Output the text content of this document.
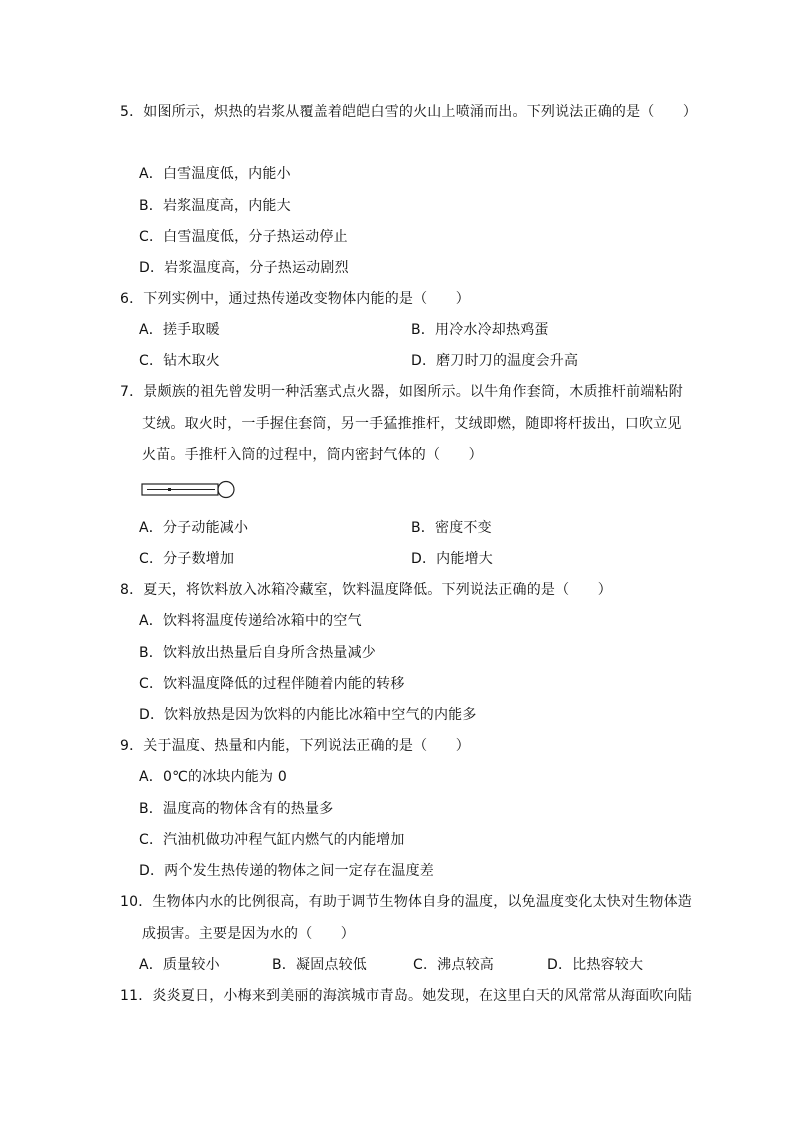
5．如图所示，炽热的岩浆从覆盖着皑皑白雪的火山上喷涌而出。下列说法正确的是（　　）
A．白雪温度低，内能小
B．岩浆温度高，内能大
C．白雪温度低，分子热运动停止
D．岩浆温度高，分子热运动剧烈
6．下列实例中，通过热传递改变物体内能的是（　　）
A．搓手取暖	B．用冷水冷却热鸡蛋
C．钻木取火	D．磨刀时刀的温度会升高
7．景颇族的祖先曾发明一种活塞式点火器，如图所示。以牛角作套筒，木质推杆前端粘附
艾绒。取火时，一手握住套筒，另一手猛推推杆，艾绒即燃，随即将杆拔出，口吹立见
火苗。手推杆入筒的过程中，筒内密封气体的（　　）
A．分子动能减小	B．密度不变
C．分子数增加	D．内能增大
8．夏天，将饮料放入冰箱冷藏室，饮料温度降低。下列说法正确的是（　　）
A．饮料将温度传递给冰箱中的空气
B．饮料放出热量后自身所含热量减少
C．饮料温度降低的过程伴随着内能的转移
D．饮料放热是因为饮料的内能比冰箱中空气的内能多
9．关于温度、热量和内能，下列说法正确的是（　　）
A．0℃的冰块内能为 0
B．温度高的物体含有的热量多
C．汽油机做功冲程气缸内燃气的内能增加
D．两个发生热传递的物体之间一定存在温度差
10．生物体内水的比例很高，有助于调节生物体自身的温度，以免温度变化太快对生物体造
成损害。主要是因为水的（　　）
A．质量较小	B．凝固点较低	C．沸点较高	D．比热容较大
11．炎炎夏日，小梅来到美丽的海滨城市青岛。她发现，在这里白天的风常常从海面吹向陆
